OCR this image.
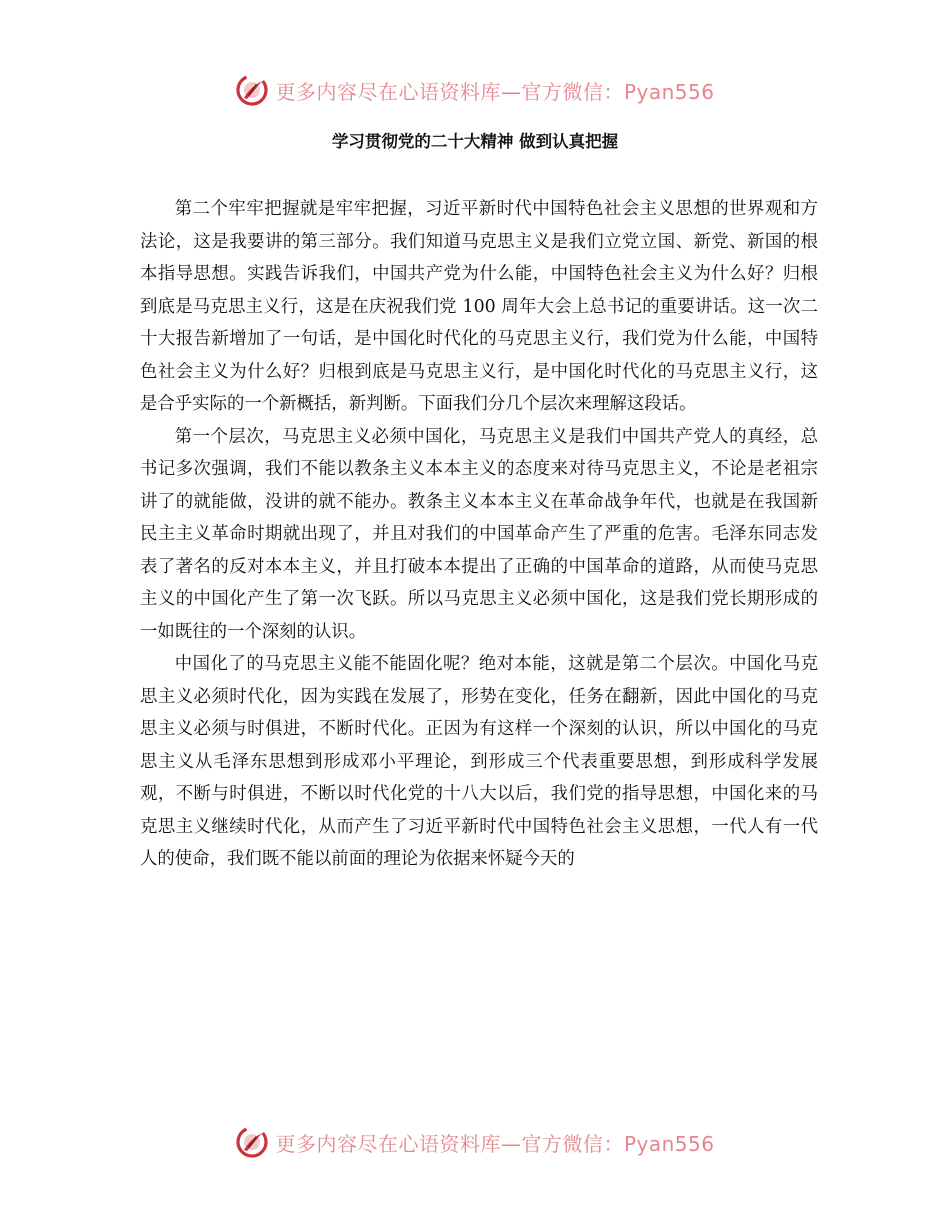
更多内容尽在心语资料库—官方微信：Pyan556
学习贯彻党的二十大精神 做到认真把握

第二个牢牢把握就是牢牢把握，习近平新时代中国特色社会主义思想的世界观和方法论，这是我要讲的第三部分。我们知道马克思主义是我们立党立国、新党、新国的根本指导思想。实践告诉我们，中国共产党为什么能，中国特色社会主义为什么好？归根到底是马克思主义行，这是在庆祝我们党 100 周年大会上总书记的重要讲话。这一次二十大报告新增加了一句话，是中国化时代化的马克思主义行，我们党为什么能，中国特色社会主义为什么好？归根到底是马克思主义行，是中国化时代化的马克思主义行，这是合乎实际的一个新概括，新判断。下面我们分几个层次来理解这段话。

第一个层次，马克思主义必须中国化，马克思主义是我们中国共产党人的真经，总书记多次强调，我们不能以教条主义本本主义的态度来对待马克思主义，不论是老祖宗讲了的就能做，没讲的就不能办。教条主义本本主义在革命战争年代，也就是在我国新民主主义革命时期就出现了，并且对我们的中国革命产生了严重的危害。毛泽东同志发表了著名的反对本本主义，并且打破本本提出了正确的中国革命的道路，从而使马克思主义的中国化产生了第一次飞跃。所以马克思主义必须中国化，这是我们党长期形成的一如既往的一个深刻的认识。

中国化了的马克思主义能不能固化呢？绝对本能，这就是第二个层次。中国化马克思主义必须时代化，因为实践在发展了，形势在变化，任务在翻新，因此中国化的马克思主义必须与时俱进，不断时代化。正因为有这样一个深刻的认识，所以中国化的马克思主义从毛泽东思想到形成邓小平理论，到形成三个代表重要思想，到形成科学发展观，不断与时俱进，不断以时代化党的十八大以后，我们党的指导思想，中国化来的马克思主义继续时代化，从而产生了习近平新时代中国特色社会主义思想，一代人有一代人的使命，我们既不能以前面的理论为依据来怀疑今天的

更多内容尽在心语资料库—官方微信：Pyan556
